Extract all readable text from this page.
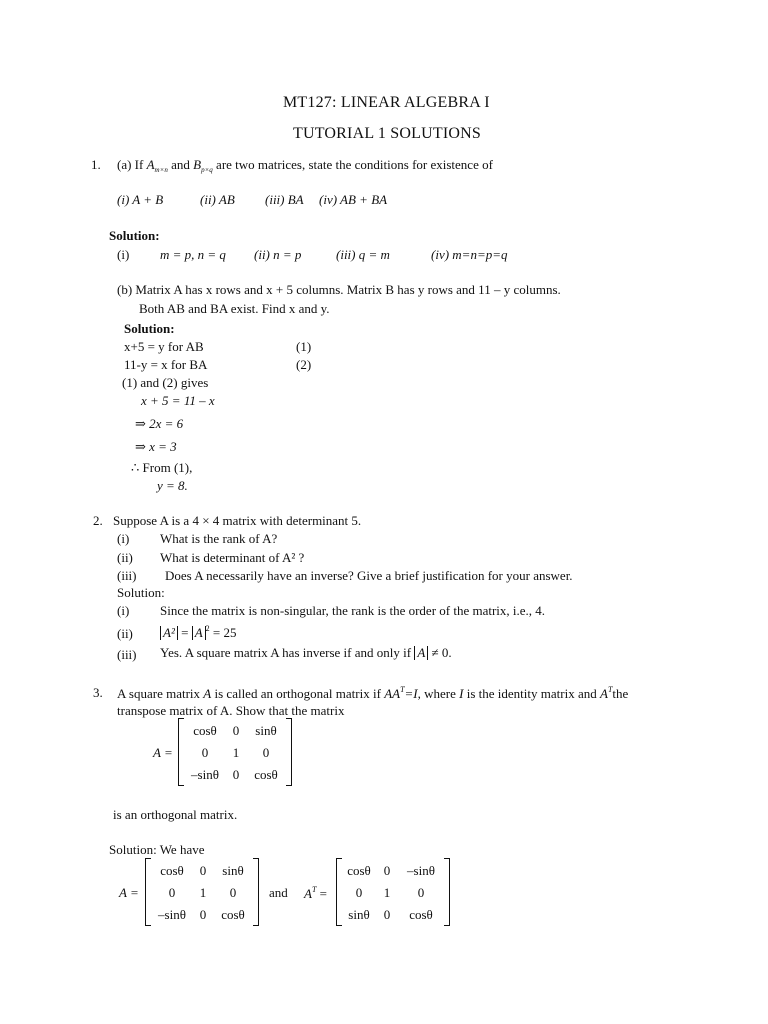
MT127: LINEAR ALGEBRA I
TUTORIAL 1 SOLUTIONS
1. (a) If $A_{m\times n}$ and $B_{p\times q}$ are two matrices, state the conditions for existence of
(i) A + B	(ii) AB (iii) BA (iv) AB + BA
Solution:
(i) m = p, n = q (ii) n = p	(iii) q = m	(iv) m=n=p=q
(b) Matrix A has x rows and x + 5 columns. Matrix B has y rows and 11 – y columns.
Both AB and BA exist. Find x and y.
Solution:
x+5 = y for AB	(1)
11-y = x for BA	(2)
(1) and (2) gives
x + 5 = 11 – x
⇒ 2x = 6
⇒ x = 3
∴ From (1),
y = 8.
2. Suppose A is a 4 × 4 matrix with determinant 5.
(i) What is the rank of A?
(ii) What is determinant of A² ?
(iii) Does A necessarily have an inverse? Give a brief justification for your answer.
Solution:
(i) Since the matrix is non-singular, the rank is the order of the matrix, i.e., 4.
(ii) A² = A $^2$ = 25
(iii) Yes. A square matrix A has inverse if and only if A ≠ 0.
3. A square matrix A is called an orthogonal matrix if $AA^T=I$, where I is the identity matrix and $A^Tthe$
transpose matrix of A. Show that the matrix
A =
cosθ	0	sinθ
0	1	0
–sinθ	0	cosθ
is an orthogonal matrix.
Solution: We have
A =
cosθ	0	sinθ
0	1	0
–sinθ	0	cosθ
and $A^T$ =
cosθ 0	–sinθ
0	1	0
sinθ	0	cosθ
